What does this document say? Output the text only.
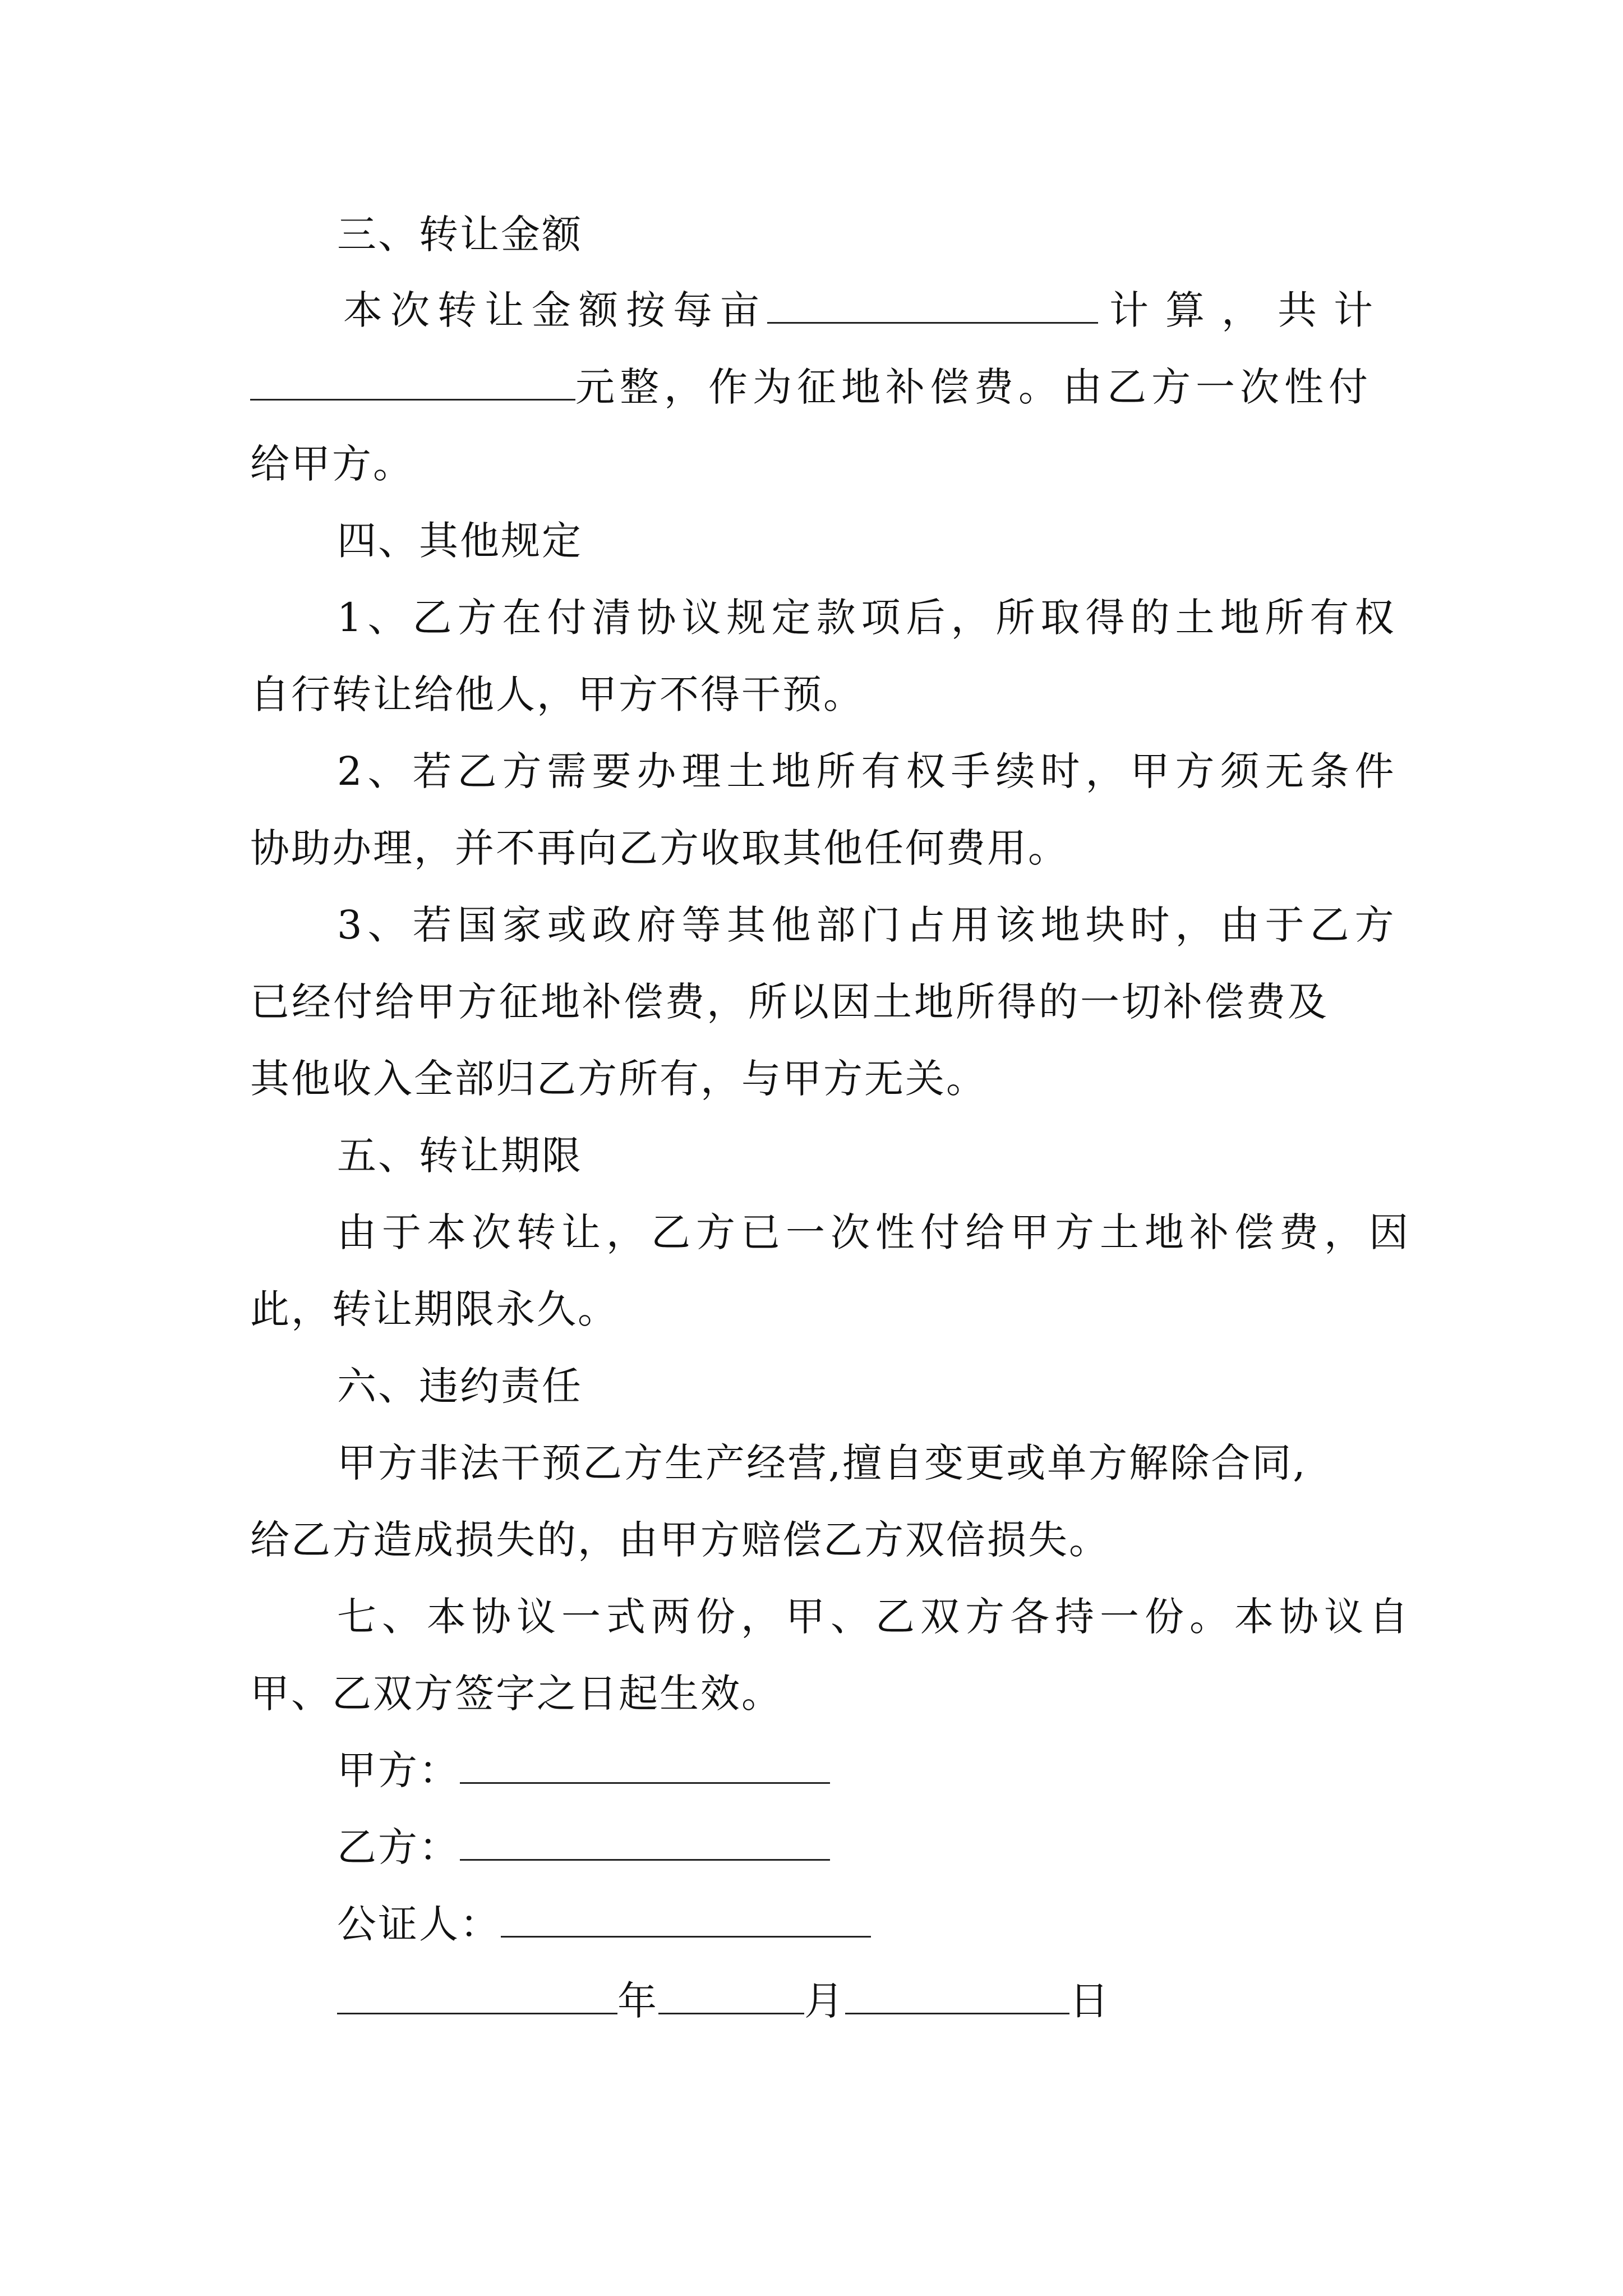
三、转让金额
本次转让金额按每亩	计算，共计
元整，作为征地补偿费。由乙方一次性付
给甲方。
四、其他规定
1、乙方在付清协议规定款项后，所取得的土地所有权
自行转让给他人，甲方不得干预。
2、若乙方需要办理土地所有权手续时，甲方须无条件
协助办理，并不再向乙方收取其他任何费用。
3、若国家或政府等其他部门占用该地块时，由于乙方
已经付给甲方征地补偿费，所以因土地所得的一切补偿费及
其他收入全部归乙方所有，与甲方无关。
五、转让期限
由于本次转让，乙方已一次性付给甲方土地补偿费，因
此，转让期限永久。
六、违约责任
甲方非法干预乙方生产经营,擅自变更或单方解除合同,
给乙方造成损失的，由甲方赔偿乙方双倍损失。
七、本协议一式两份，甲、乙双方各持一份。本协议自
甲、乙双方签字之日起生效。
甲方：
乙方：
公证人：
年	月	日
